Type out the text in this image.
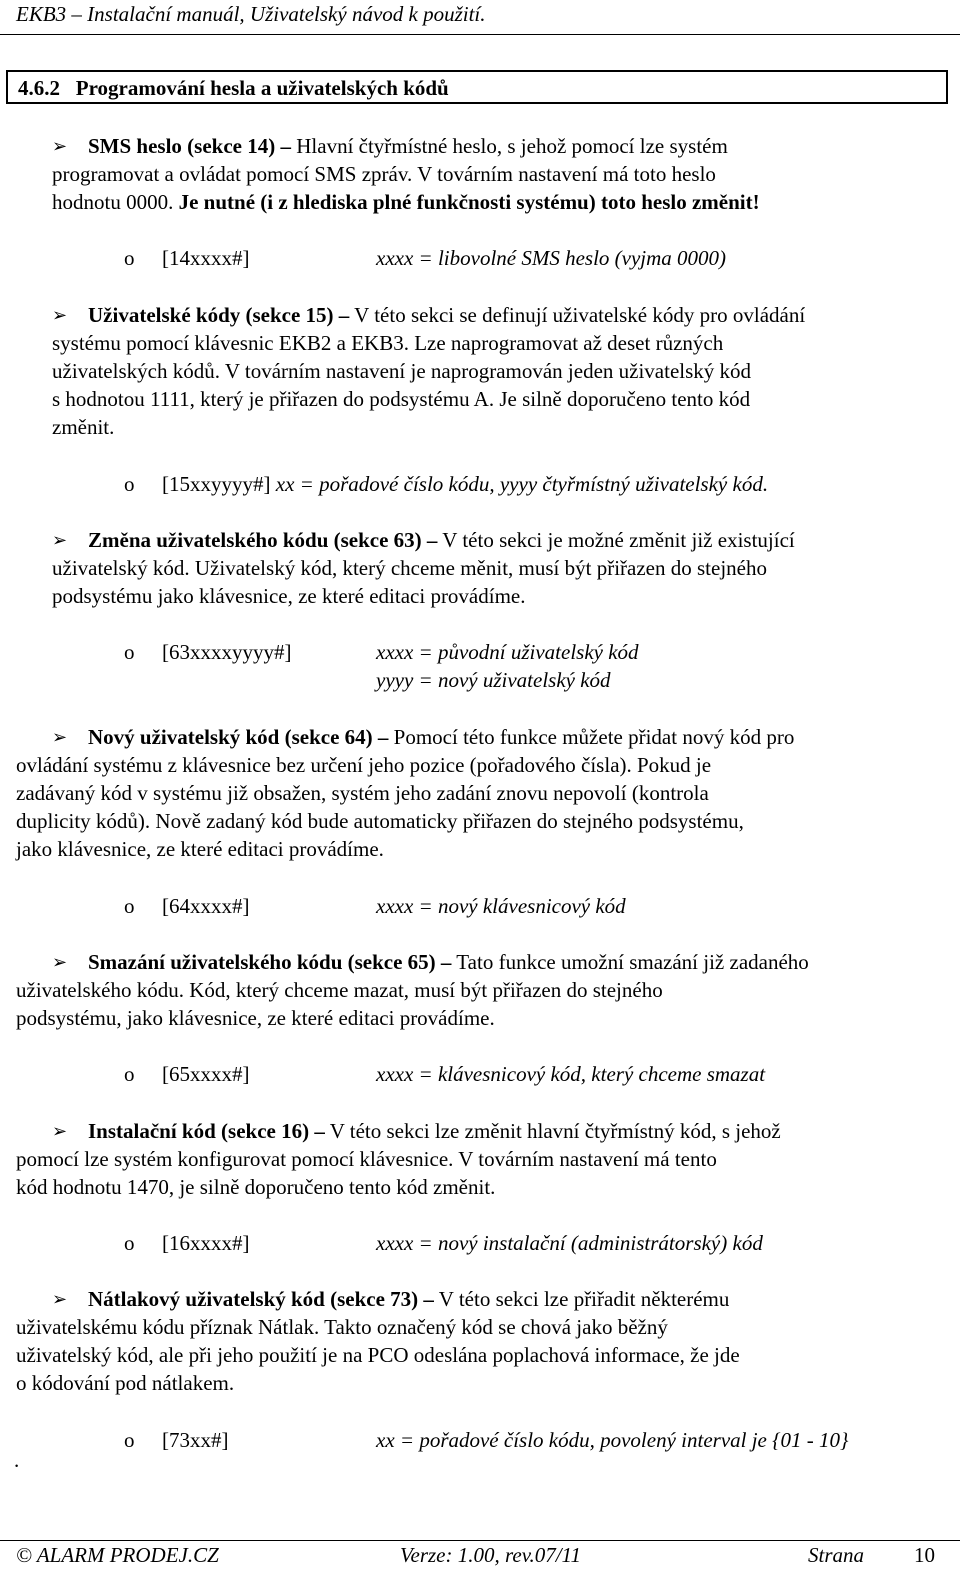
EKB3 – Instalační manuál, Uživatelský návod k použití.
4.6.2 Programování hesla a uživatelských kódů
➢ SMS heslo (sekce 14) – Hlavní čtyřmístné heslo, s jehož pomocí lze systém
programovat a ovládat pomocí SMS zpráv. V továrním nastavení má toto heslo
hodnotu 0000. Je nutné (i z hlediska plné funkčnosti systému) toto heslo změnit!
o [14xxxx#]	xxxx = libovolné SMS heslo (vyjma 0000)
➢ Uživatelské kódy (sekce 15) – V této sekci se definují uživatelské kódy pro ovládání
systému pomocí klávesnic EKB2 a EKB3. Lze naprogramovat až deset různých
uživatelských kódů. V továrním nastavení je naprogramován jeden uživatelský kód
s hodnotou 1111, který je přiřazen do podsystému A. Je silně doporučeno tento kód
změnit.
o [15xxyyyy#] xx = pořadové číslo kódu, yyyy čtyřmístný uživatelský kód.
➢ Změna uživatelského kódu (sekce 63) – V této sekci je možné změnit již existující
uživatelský kód. Uživatelský kód, který chceme měnit, musí být přiřazen do stejného
podsystému jako klávesnice, ze které editaci provádíme.
o [63xxxxyyyy#]	xxxx = původní uživatelský kód
yyyy = nový uživatelský kód
➢ Nový uživatelský kód (sekce 64) – Pomocí této funkce můžete přidat nový kód pro
ovládání systému z klávesnice bez určení jeho pozice (pořadového čísla). Pokud je
zadávaný kód v systému již obsažen, systém jeho zadání znovu nepovolí (kontrola
duplicity kódů). Nově zadaný kód bude automaticky přiřazen do stejného podsystému,
jako klávesnice, ze které editaci provádíme.
o [64xxxx#]	xxxx = nový klávesnicový kód
➢ Smazání uživatelského kódu (sekce 65) – Tato funkce umožní smazání již zadaného
uživatelského kódu. Kód, který chceme mazat, musí být přiřazen do stejného
podsystému, jako klávesnice, ze které editaci provádíme.
o [65xxxx#]	xxxx = klávesnicový kód, který chceme smazat
➢ Instalační kód (sekce 16) – V této sekci lze změnit hlavní čtyřmístný kód, s jehož
pomocí lze systém konfigurovat pomocí klávesnice. V továrním nastavení má tento
kód hodnotu 1470, je silně doporučeno tento kód změnit.
o [16xxxx#]	xxxx = nový instalační (administrátorský) kód
➢ Nátlakový uživatelský kód (sekce 73) – V této sekci lze přiřadit některému
uživatelskému kódu příznak Nátlak. Takto označený kód se chová jako běžný
uživatelský kód, ale při jeho použití je na PCO odeslána poplachová informace, že jde
o kódování pod nátlakem.
o [73xx#]	xx = pořadové číslo kódu, povolený interval je {01 - 10}
.
© ALARM PRODEJ.CZ	Verze: 1.00, rev.07/11	Strana 10
